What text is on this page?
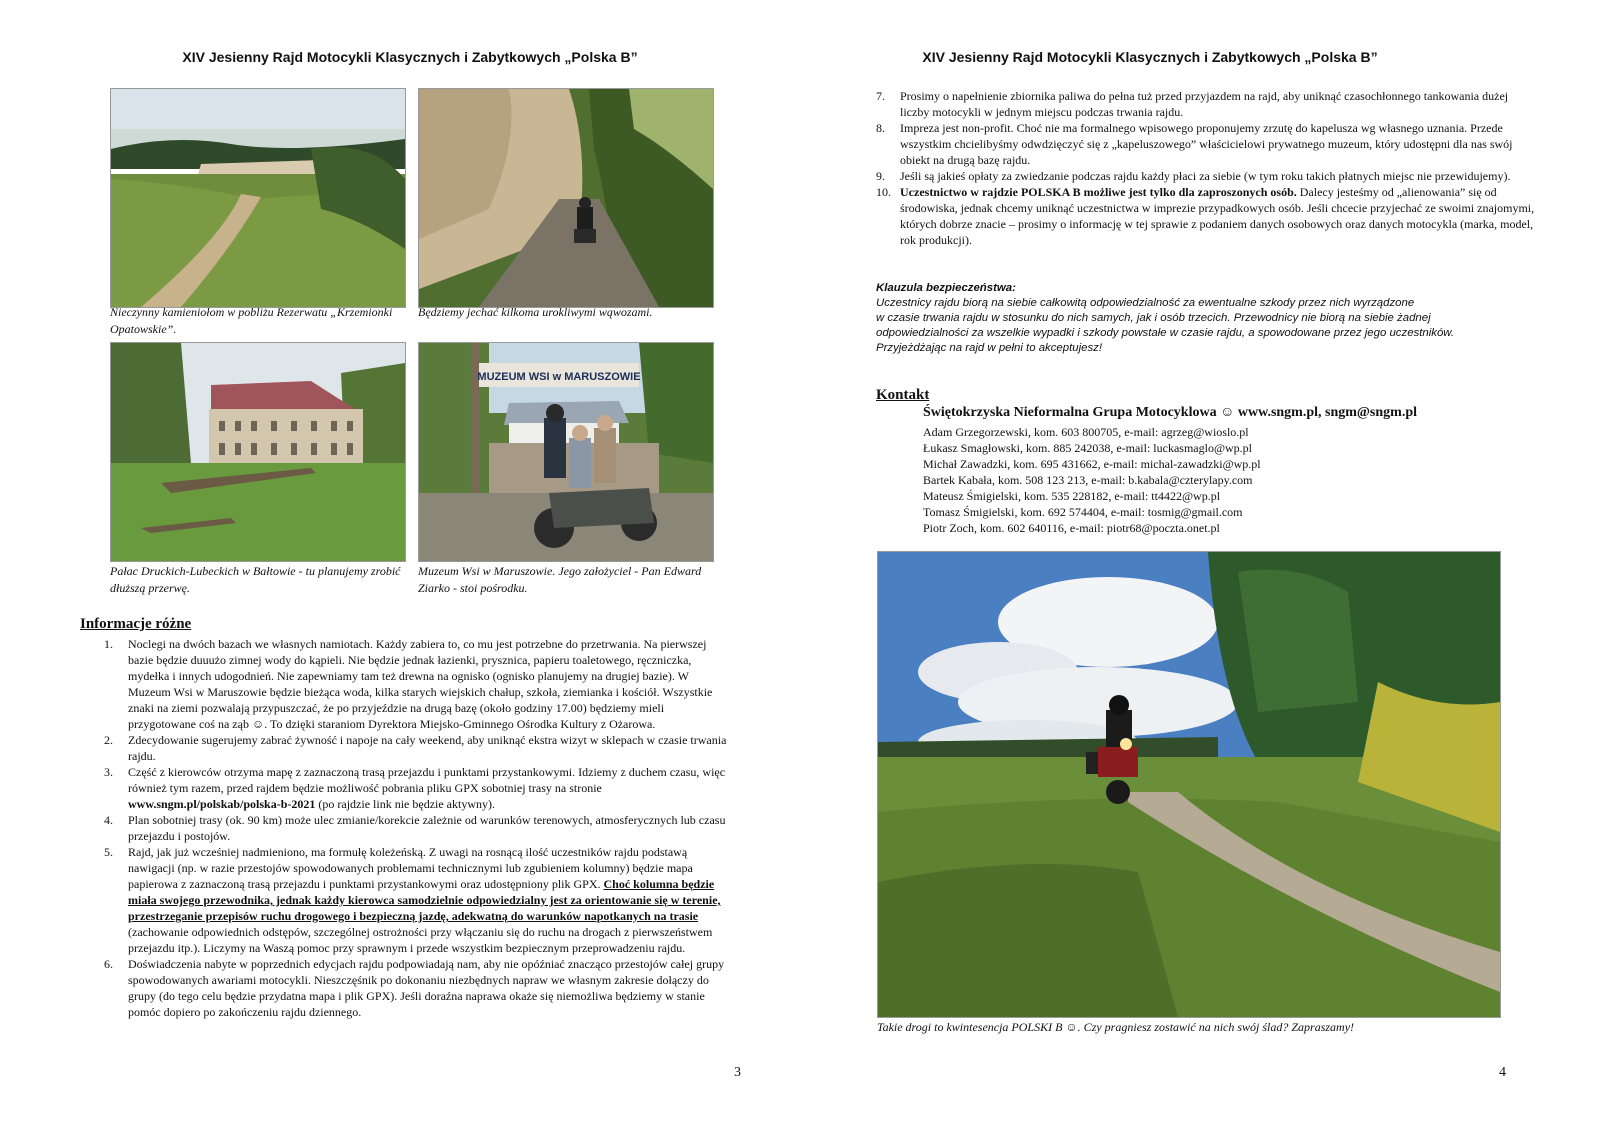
XIV Jesienny Rajd Motocykli Klasycznych i Zabytkowych „Polska B”
Nieczynny kamieniołom w pobliżu Rezerwatu „Krzemionki Opatowskie”.
Będziemy jechać kilkoma urokliwymi wąwozami.
Pałac Druckich-Lubeckich w Bałtowie - tu planujemy zrobić dłuższą przerwę.
MUZEUM WSI w MARUSZOWIE
Muzeum Wsi w Maruszowie. Jego założyciel - Pan Edward Ziarko - stoi pośrodku.
Informacje różne
1. Noclegi na dwóch bazach we własnych namiotach. Każdy zabiera to, co mu jest potrzebne do przetrwania. Na pierwszej bazie będzie duuużo zimnej wody do kąpieli. Nie będzie jednak łazienki, prysznica, papieru toaletowego, ręczniczka, mydełka i innych udogodnień. Nie zapewniamy tam też drewna na ognisko (ognisko planujemy na drugiej bazie). W Muzeum Wsi w Maruszowie będzie bieżąca woda, kilka starych wiejskich chałup, szkoła, ziemianka i kościół. Wszystkie znaki na ziemi pozwalają przypuszczać, że po przyjeździe na drugą bazę (około godziny 17.00) będziemy mieli przygotowane coś na ząb ☺. To dzięki staraniom Dyrektora Miejsko-Gminnego Ośrodka Kultury z Ożarowa.
2. Zdecydowanie sugerujemy zabrać żywność i napoje na cały weekend, aby uniknąć ekstra wizyt w sklepach w czasie trwania rajdu.
3. Część z kierowców otrzyma mapę z zaznaczoną trasą przejazdu i punktami przystankowymi. Idziemy z duchem czasu, więc również tym razem, przed rajdem będzie możliwość pobrania pliku GPX sobotniej trasy na stronie www.sngm.pl/polskab/polska-b-2021 (po rajdzie link nie będzie aktywny).
4. Plan sobotniej trasy (ok. 90 km) może ulec zmianie/korekcie zależnie od warunków terenowych, atmosferycznych lub czasu przejazdu i postojów.
5. Rajd, jak już wcześniej nadmieniono, ma formułę koleżeńską. Z uwagi na rosnącą ilość uczestników rajdu podstawą nawigacji (np. w razie przestojów spowodowanych problemami technicznymi lub zgubieniem kolumny) będzie mapa papierowa z zaznaczoną trasą przejazdu i punktami przystankowymi oraz udostępniony plik GPX. Choć kolumna będzie miała swojego przewodnika, jednak każdy kierowca samodzielnie odpowiedzialny jest za orientowanie się w terenie, przestrzeganie przepisów ruchu drogowego i bezpieczną jazdę, adekwatną do warunków napotkanych na trasie (zachowanie odpowiednich odstępów, szczególnej ostrożności przy włączaniu się do ruchu na drogach z pierwszeństwem przejazdu itp.). Liczymy na Waszą pomoc przy sprawnym i przede wszystkim bezpiecznym przeprowadzeniu rajdu.
6. Doświadczenia nabyte w poprzednich edycjach rajdu podpowiadają nam, aby nie opóźniać znacząco przestojów całej grupy spowodowanych awariami motocykli. Nieszczęśnik po dokonaniu niezbędnych napraw we własnym zakresie dołączy do grupy (do tego celu będzie przydatna mapa i plik GPX). Jeśli doraźna naprawa okaże się niemożliwa będziemy w stanie pomóc dopiero po zakończeniu rajdu dziennego.
3
XIV Jesienny Rajd Motocykli Klasycznych i Zabytkowych „Polska B”
7. Prosimy o napełnienie zbiornika paliwa do pełna tuż przed przyjazdem na rajd, aby uniknąć czasochłonnego tankowania dużej liczby motocykli w jednym miejscu podczas trwania rajdu.
8. Impreza jest non-profit. Choć nie ma formalnego wpisowego proponujemy zrzutę do kapelusza wg własnego uznania. Przede wszystkim chcielibyśmy odwdzięczyć się z „kapeluszowego” właścicielowi prywatnego muzeum, który udostępni dla nas swój obiekt na drugą bazę rajdu.
9. Jeśli są jakieś opłaty za zwiedzanie podczas rajdu każdy płaci za siebie (w tym roku takich płatnych miejsc nie przewidujemy).
10. Uczestnictwo w rajdzie POLSKA B możliwe jest tylko dla zaproszonych osób. Dalecy jesteśmy od „alienowania” się od środowiska, jednak chcemy uniknąć uczestnictwa w imprezie przypadkowych osób. Jeśli chcecie przyjechać ze swoimi znajomymi, których dobrze znacie – prosimy o informację w tej sprawie z podaniem danych osobowych oraz danych motocykla (marka, model, rok produkcji).
Klauzula bezpieczeństwa:
Uczestnicy rajdu biorą na siebie całkowitą odpowiedzialność za ewentualne szkody przez nich wyrządzone
w czasie trwania rajdu w stosunku do nich samych, jak i osób trzecich. Przewodnicy nie biorą na siebie żadnej
odpowiedzialności za wszelkie wypadki i szkody powstałe w czasie rajdu, a spowodowane przez jego uczestników.
Przyjeżdżając na rajd w pełni to akceptujesz!
Kontakt
Świętokrzyska Nieformalna Grupa Motocyklowa ☺ www.sngm.pl, sngm@sngm.pl
Adam Grzegorzewski, kom. 603 800705, e-mail: agrzeg@wioslo.pl
Łukasz Smagłowski, kom. 885 242038, e-mail: luckasmaglo@wp.pl
Michał Zawadzki, kom. 695 431662, e-mail: michal-zawadzki@wp.pl
Bartek Kabała, kom. 508 123 213, e-mail: b.kabala@czterylapy.com
Mateusz Śmigielski, kom. 535 228182, e-mail: tt4422@wp.pl
Tomasz Śmigielski, kom. 692 574404, e-mail: tosmig@gmail.com
Piotr Zoch, kom. 602 640116, e-mail: piotr68@poczta.onet.pl
Takie drogi to kwintesencja POLSKI B ☺. Czy pragniesz zostawić na nich swój ślad? Zapraszamy!
4
